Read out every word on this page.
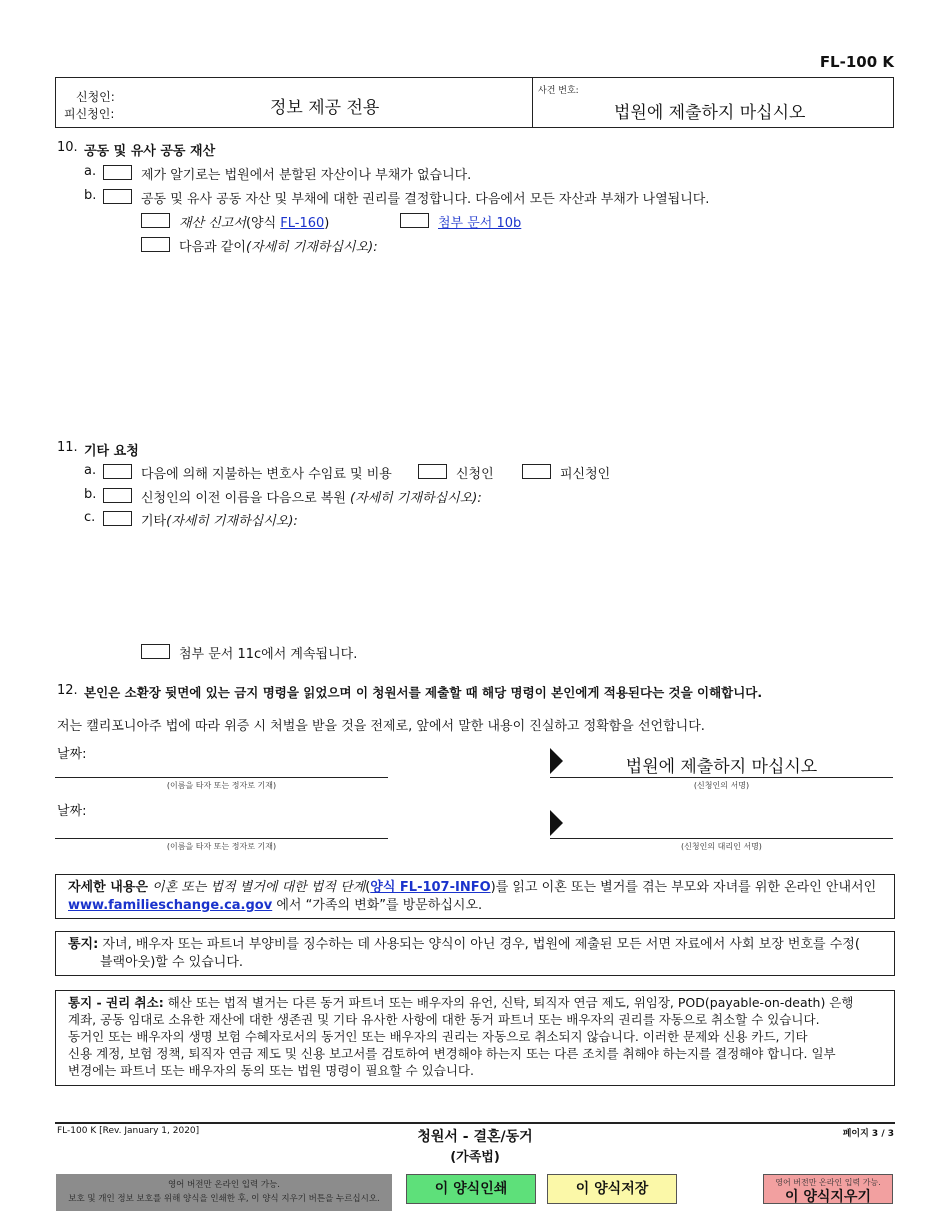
FL-100 K
신청인:
피신청인:	정보 제공 전용
사건 번호:
법원에 제출하지 마십시오
10. 공동 및 유사 공동 재산
a.	제가 알기로는 법원에서 분할된 자산이나 부채가 없습니다.
b.	공동 및 유사 공동 자산 및 부채에 대한 권리를 결정합니다. 다음에서 모든 자산과 부채가 나열됩니다.
재산 신고서(양식 FL-160)	첨부 문서 10b
다음과 같이(자세히 기재하십시오):
11. 기타 요청
a.	다음에 의해 지불하는 변호사 수임료 및 비용	신청인	피신청인
b.	신청인의 이전 이름을 다음으로 복원 (자세히 기재하십시오):
c.	기타(자세히 기재하십시오):
첨부 문서 11c에서 계속됩니다.
12. 본인은 소환장 뒷면에 있는 금지 명령을 읽었으며 이 청원서를 제출할 때 해당 명령이 본인에게 적용된다는 것을 이해합니다.
저는 캘리포니아주 법에 따라 위증 시 처벌을 받을 것을 전제로, 앞에서 말한 내용이 진실하고 정확함을 선언합니다.
날짜:
(이름을 타자 또는 정자로 기재)
법원에 제출하지 마십시오
(신청인의 서명)
날짜:
(이름을 타자 또는 정자로 기재)	(신청인의 대리인 서명)
자세한 내용은 이혼 또는 법적 별거에 대한 법적 단계(양식 FL-107-INFO)를 읽고 이혼 또는 별거를 겪는 부모와 자녀를 위한 온라인 안내서인
www.familieschange.ca.gov 에서 “가족의 변화”를 방문하십시오.
통지: 자녀, 배우자 또는 파트너 부양비를 징수하는 데 사용되는 양식이 아닌 경우, 법원에 제출된 모든 서면 자료에서 사회 보장 번호를 수정(
블랙아웃)할 수 있습니다.
통지 - 권리 취소: 해산 또는 법적 별거는 다른 동거 파트너 또는 배우자의 유언, 신탁, 퇴직자 연금 제도, 위임장, POD(payable-on-death) 은행
계좌, 공동 임대로 소유한 재산에 대한 생존권 및 기타 유사한 사항에 대한 동거 파트너 또는 배우자의 권리를 자동으로 취소할 수 있습니다.
동거인 또는 배우자의 생명 보험 수혜자로서의 동거인 또는 배우자의 권리는 자동으로 취소되지 않습니다. 이러한 문제와 신용 카드, 기타
신용 계정, 보험 정책, 퇴직자 연금 제도 및 신용 보고서를 검토하여 변경해야 하는지 또는 다른 조치를 취해야 하는지를 결정해야 합니다. 일부
변경에는 파트너 또는 배우자의 동의 또는 법원 명령이 필요할 수 있습니다.
FL-100 K [Rev. January 1, 2020]	청원서 - 결혼/동거
(가족법)
페이지 3 / 3
영어 버전만 온라인 입력 가능.
보호 및 개인 정보 보호를 위해 양식을 인쇄한 후, 이 양식 지우기 버튼을 누르십시오.
이 양식인쇄	이 양식저장	영어 버전만 온라인 입력 가능.
이 양식지우기
